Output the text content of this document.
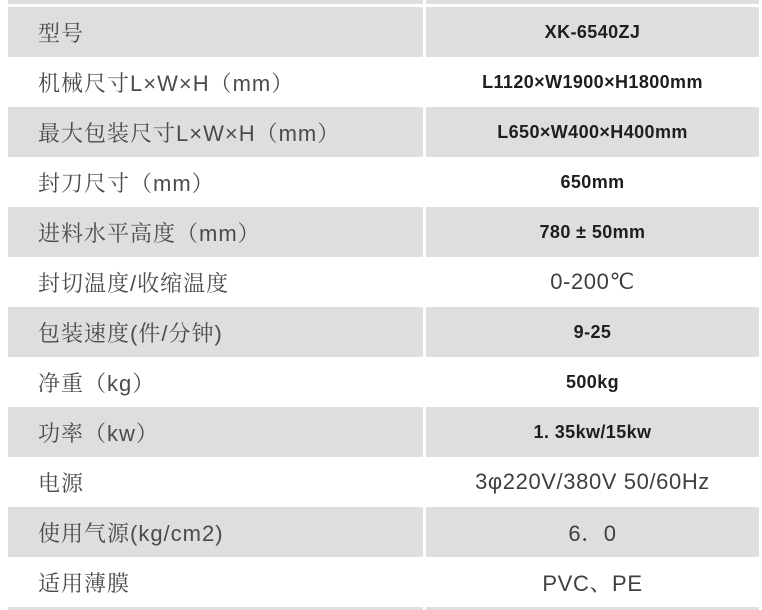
型号	XK-6540ZJ
机械尺寸L×W×H（mm）	L1120×W1900×H1800mm
最大包装尺寸L×W×H（mm）	L650×W400×H400mm
封刀尺寸（mm）	650mm
进料水平高度（mm）	780 ± 50mm
封切温度/收缩温度	0-200℃
包装速度(件/分钟)	9-25
净重（kg）	500kg
功率（kw）	1. 35kw/15kw
电源	3φ220V/380V 50/60Hz
使用气源(kg/cm2)	6．0
适用薄膜	PVC、PE
